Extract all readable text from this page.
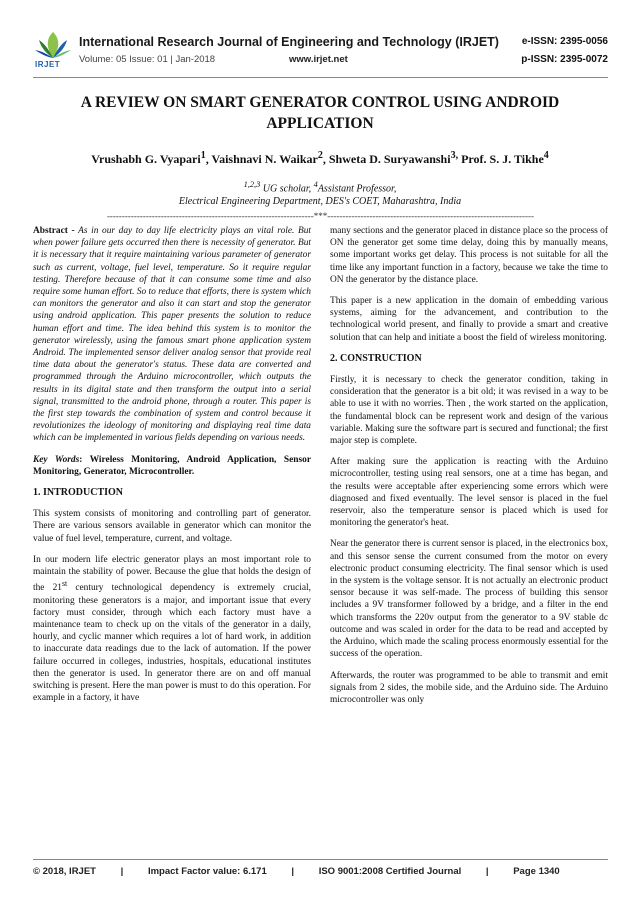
IRJET
International Research Journal of Engineering and Technology (IRJET) e-ISSN: 2395-0056
Volume: 05 Issue: 01 | Jan-2018	www.irjet.net	p-ISSN: 2395-0072
A REVIEW ON SMART GENERATOR CONTROL USING ANDROID APPLICATION
Vrushabh G. Vyapari$^1$, Vaishnavi N. Waikar$^2$, Shweta D. Suryawanshi$^{3,}$ Prof. S. J. Tikhe$^4$
$^{1,2,3}$ UG scholar, $^4$Assistant Professor,
Electrical Engineering Department, DES's COET, Maharashtra, India
---------------------------------------------------------------------***---------------------------------------------------------------------

Abstract - As in our day to day life electricity plays an vital role. But when power failure gets occurred then there is necessity of generator. But it is necessary that it require maintaining various parameter of generator such as current, voltage, fuel level, temperature. So it require regular testing. Therefore because of that it can consume some time and also require some human effort. So to reduce that efforts, there is system which can monitors the generator and also it can start and stop the generator using android application. This paper presents the solution to reduce human effort and time. The idea behind this system is to monitor the generator wirelessly, using the famous smart phone application system Android. The implemented sensor deliver analog sensor that provide real time data about the generator's status. These data are converted and programmed through the Arduino microcontroller, which outputs the results in its digital state and then transform the output into a serial signal, transmitted to the android phone, through a router. This paper is the first step towards the combination of system and control because it revolutionizes the ideology of monitoring and displaying real time data which can be implemented in various fields depending on various needs.

Key Words: Wireless Monitoring, Android Application, Sensor Monitoring, Generator, Microcontroller.

1. INTRODUCTION

This system consists of monitoring and controlling part of generator. There are various sensors available in generator which can monitor the value of fuel level, temperature, current, and voltage.

In our modern life electric generator plays an most important role to maintain the stability of power. Because the glue that holds the design of the 21st century technological dependency is extremely crucial, monitoring these generators is a major, and important issue that every factory must consider, through which each factory must have a maintenance team to check up on the vitals of the generator in a daily, hourly, and cyclic manner which requires a lot of hard work, in addition to inaccurate data readings due to the lack of automation. If the power failure occurred in colleges, industries, hospitals, educational institutes then the generator is used. In generator there are on and off manual switching is present. Here the man power is must to do this operation. For example in a factory, it have

many sections and the generator placed in distance place so the process of ON the generator get some time delay, doing this by manually means, some important works get delay. This process is not suitable for all the time like any important function in a factory, because we take the time to ON the generator by the distance place.

This paper is a new application in the domain of embedding various systems, aiming for the advancement, and contribution to the technological world present, and finally to provide a smart and creative solution that can help and initiate a boost the field of wireless monitoring.

2. CONSTRUCTION

Firstly, it is necessary to check the generator condition, taking in consideration that the generator is a bit old; it was revised in a way to be able to use it with no worries. Then , the work started on the application, the fundamental block can be represent work and design of the various variable. Making sure the software part is secured and functional; the first major step is complete.

After making sure the application is reacting with the Arduino microcontroller, testing using real sensors, one at a time has began, and the results were acceptable after experiencing some errors which were diagnosed and fixed eventually. The level sensor is placed in the fuel reservoir, also the temperature sensor is placed which is used for monitoring the generator's heat.

Near the generator there is current sensor is placed, in the electronics box, and this sensor sense the current consumed from the motor on every electronic product consuming electricity. The final sensor which is used in the system is the voltage sensor. It is not actually an electronic product sensor because it was self-made. The process of building this sensor includes a 9V transformer followed by a bridge, and a filter in the end which transforms the 220v output from the generator to a 9V stable dc outcome and was scaled in order for the data to be read and accepted by the Arduino, which made the scaling process enormously essential for the success of the operation.

Afterwards, the router was programmed to be able to transmit and emit signals from 2 sides, the mobile side, and the Arduino side. The Arduino microcontroller was only

© 2018, IRJET	|	Impact Factor value: 6.171	|	ISO 9001:2008 Certified Journal	|	Page 1340
